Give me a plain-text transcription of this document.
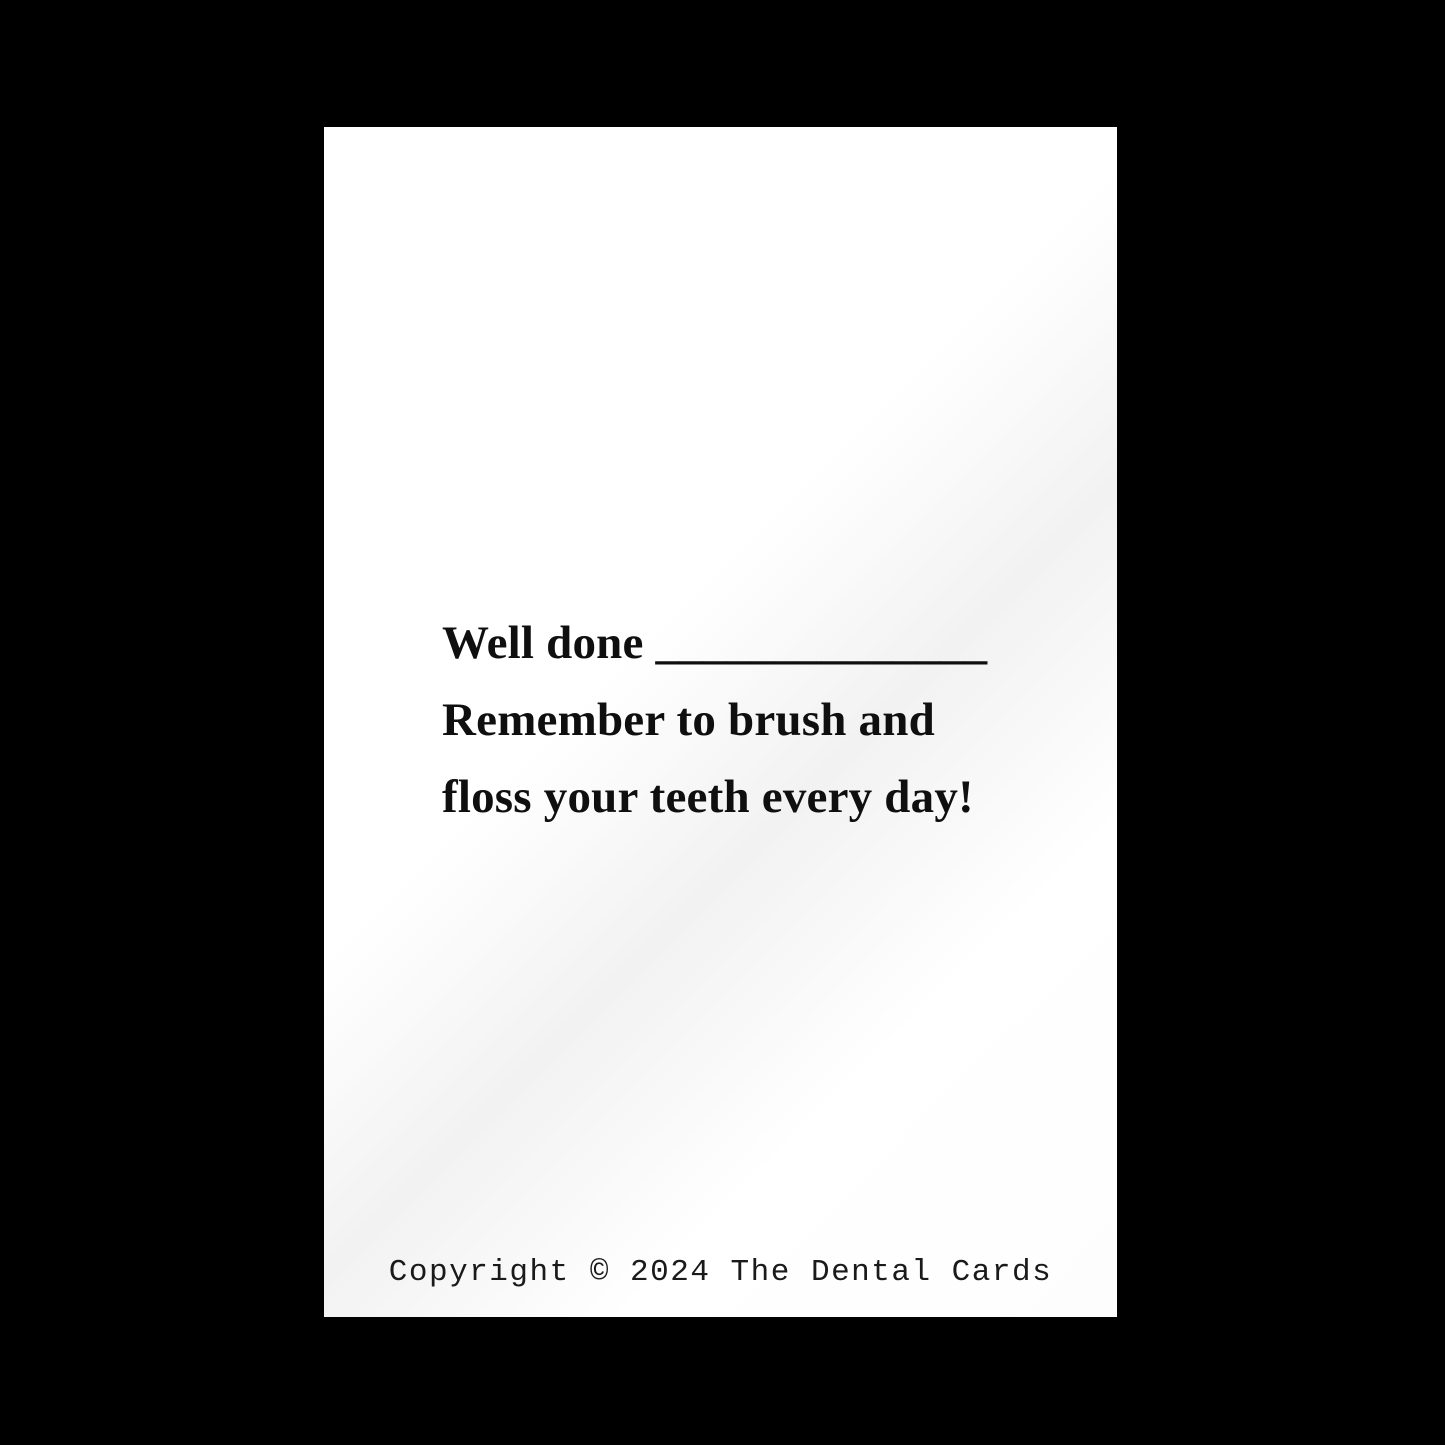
Well done ______________
Remember to brush and
floss your teeth every day!
Copyright © 2024 The Dental Cards
